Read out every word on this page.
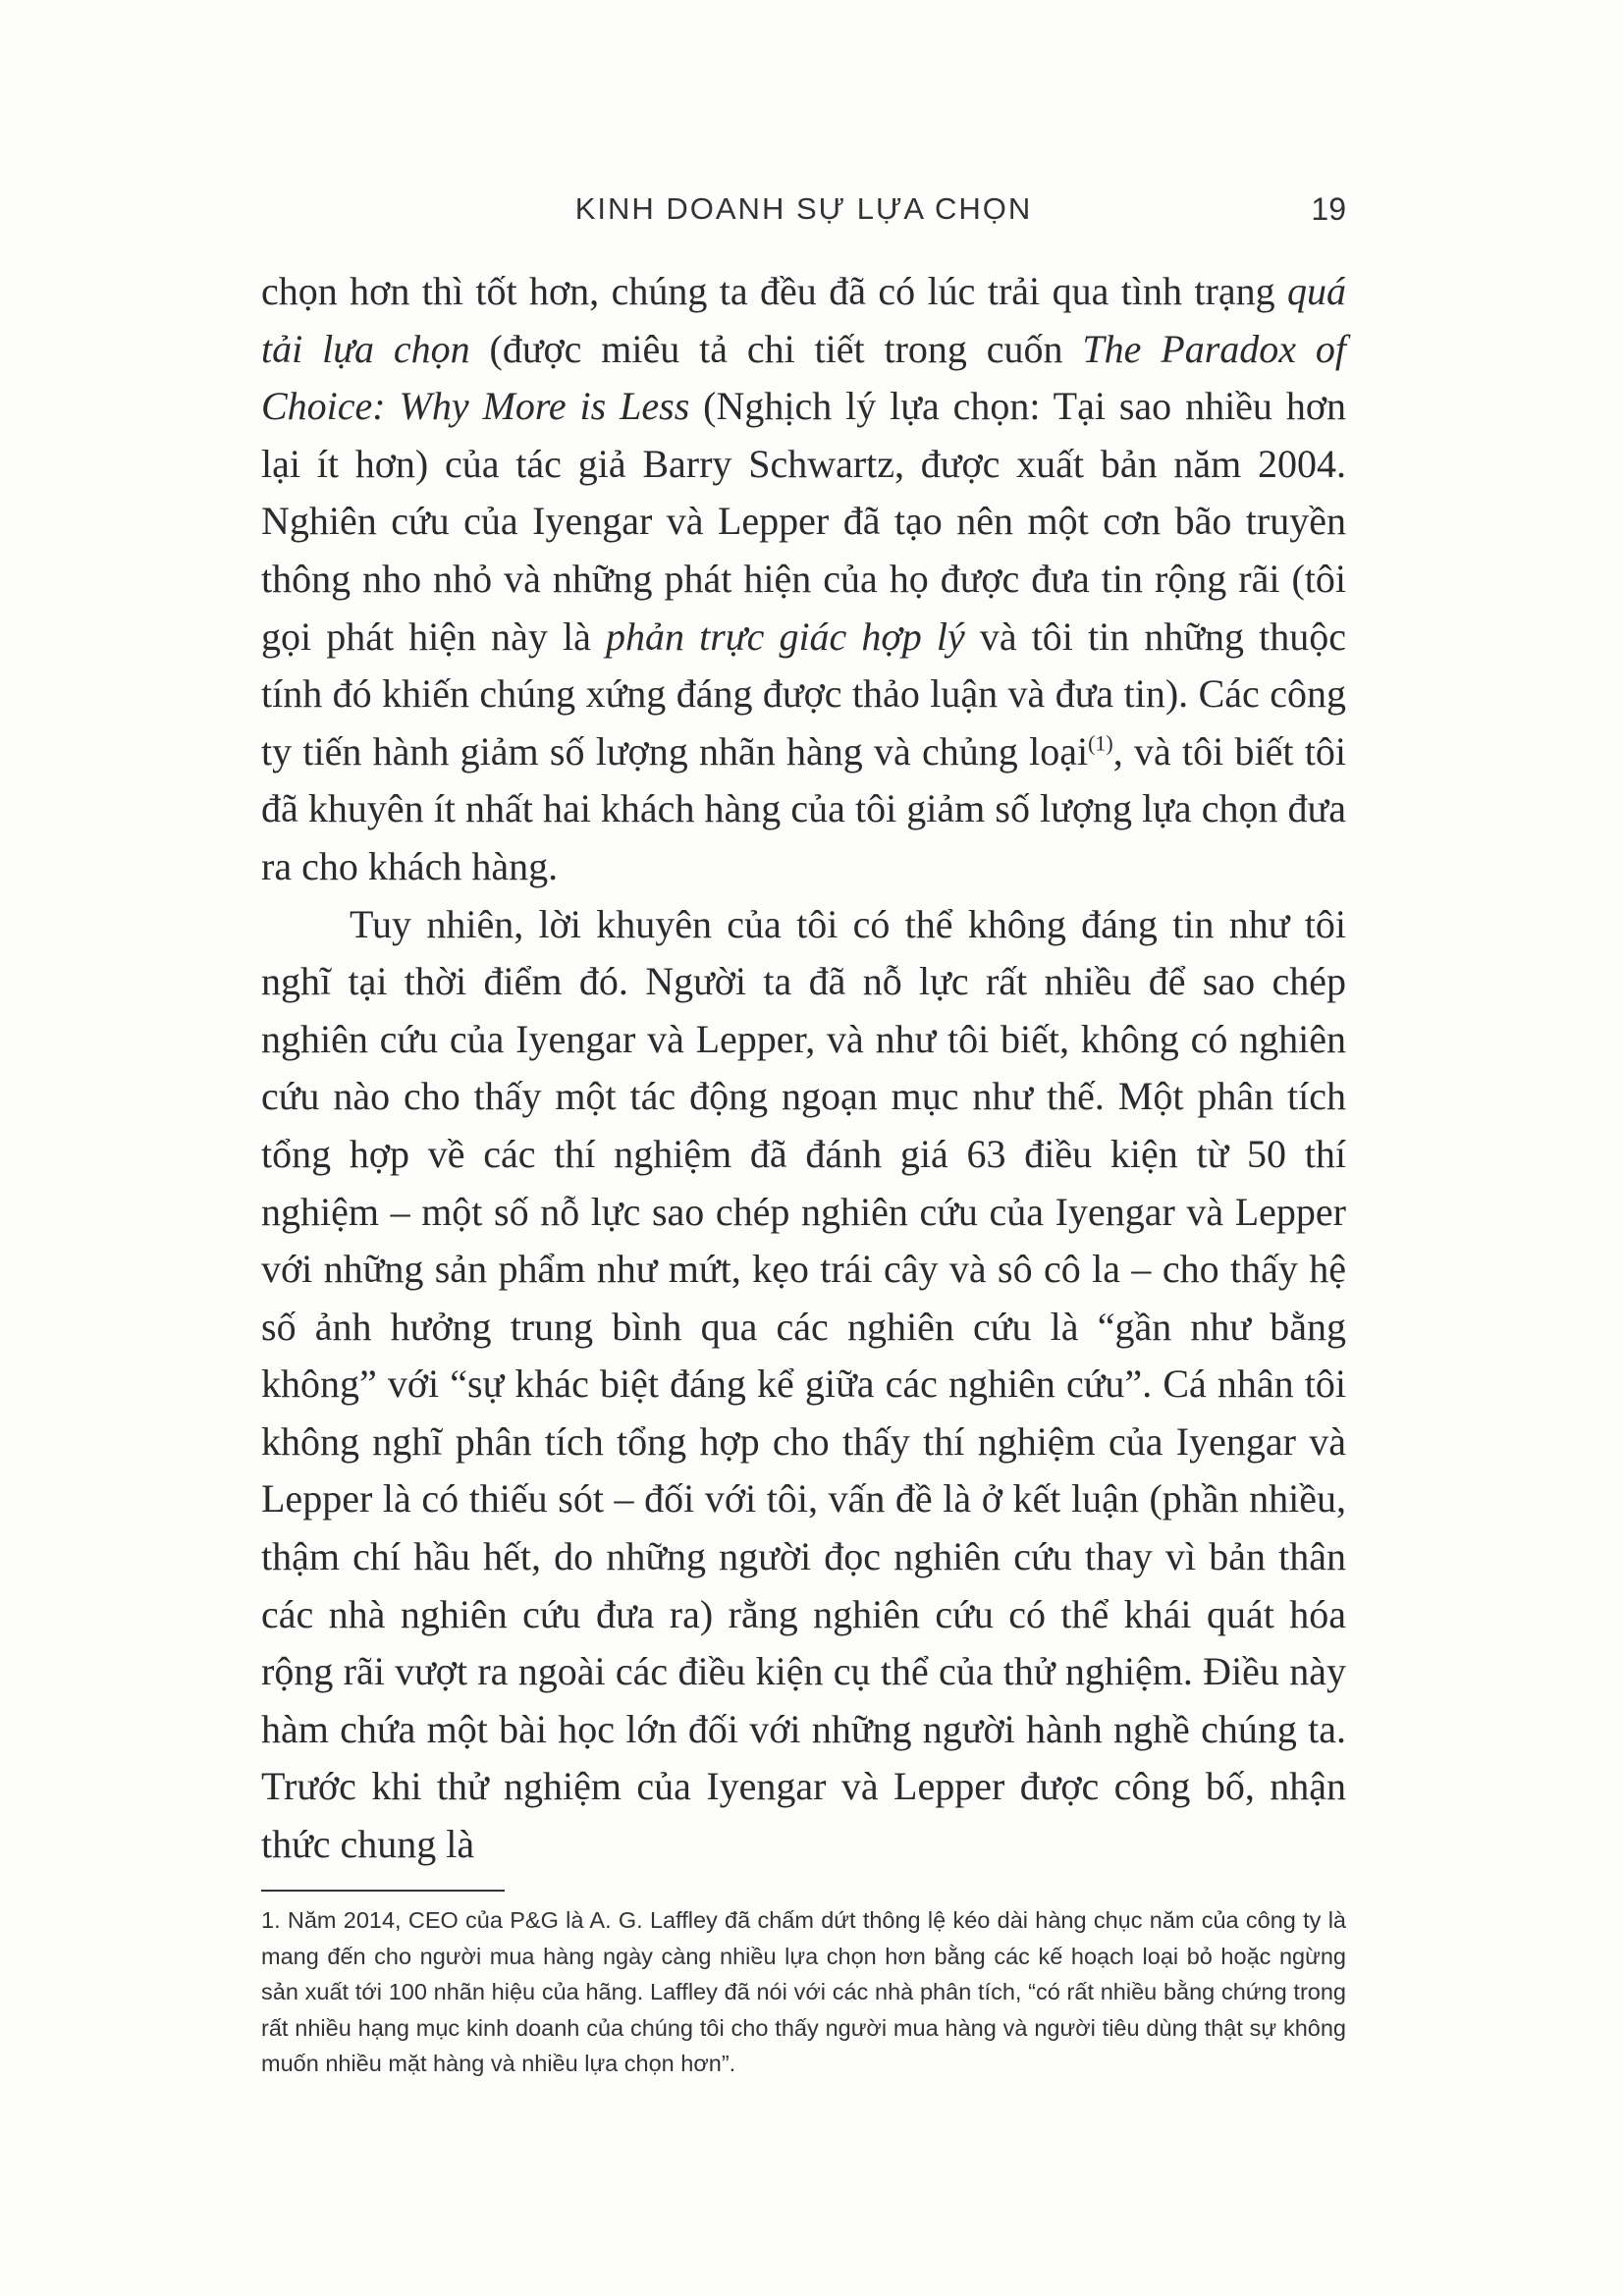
KINH DOANH SỰ LỰA CHỌN	19

chọn hơn thì tốt hơn, chúng ta đều đã có lúc trải qua tình trạng quá tải lựa chọn (được miêu tả chi tiết trong cuốn The Paradox of Choice: Why More is Less (Nghịch lý lựa chọn: Tại sao nhiều hơn lại ít hơn) của tác giả Barry Schwartz, được xuất bản năm 2004. Nghiên cứu của Iyengar và Lepper đã tạo nên một cơn bão truyền thông nho nhỏ và những phát hiện của họ được đưa tin rộng rãi (tôi gọi phát hiện này là phản trực giác hợp lý và tôi tin những thuộc tính đó khiến chúng xứng đáng được thảo luận và đưa tin). Các công ty tiến hành giảm số lượng nhãn hàng và chủng loại$^{(1)}$, và tôi biết tôi đã khuyên ít nhất hai khách hàng của tôi giảm số lượng lựa chọn đưa ra cho khách hàng.

Tuy nhiên, lời khuyên của tôi có thể không đáng tin như tôi nghĩ tại thời điểm đó. Người ta đã nỗ lực rất nhiều để sao chép nghiên cứu của Iyengar và Lepper, và như tôi biết, không có nghiên cứu nào cho thấy một tác động ngoạn mục như thế. Một phân tích tổng hợp về các thí nghiệm đã đánh giá 63 điều kiện từ 50 thí nghiệm – một số nỗ lực sao chép nghiên cứu của Iyengar và Lepper với những sản phẩm như mứt, kẹo trái cây và sô cô la – cho thấy hệ số ảnh hưởng trung bình qua các nghiên cứu là “gần như bằng không” với “sự khác biệt đáng kể giữa các nghiên cứu”. Cá nhân tôi không nghĩ phân tích tổng hợp cho thấy thí nghiệm của Iyengar và Lepper là có thiếu sót – đối với tôi, vấn đề là ở kết luận (phần nhiều, thậm chí hầu hết, do những người đọc nghiên cứu thay vì bản thân các nhà nghiên cứu đưa ra) rằng nghiên cứu có thể khái quát hóa rộng rãi vượt ra ngoài các điều kiện cụ thể của thử nghiệm. Điều này hàm chứa một bài học lớn đối với những người hành nghề chúng ta. Trước khi thử nghiệm của Iyengar và Lepper được công bố, nhận thức chung là

1. Năm 2014, CEO của P&G là A. G. Laffley đã chấm dứt thông lệ kéo dài hàng chục năm của công ty là mang đến cho người mua hàng ngày càng nhiều lựa chọn hơn bằng các kế hoạch loại bỏ hoặc ngừng sản xuất tới 100 nhãn hiệu của hãng. Laffley đã nói với các nhà phân tích, “có rất nhiều bằng chứng trong rất nhiều hạng mục kinh doanh của chúng tôi cho thấy người mua hàng và người tiêu dùng thật sự không muốn nhiều mặt hàng và nhiều lựa chọn hơn”.
